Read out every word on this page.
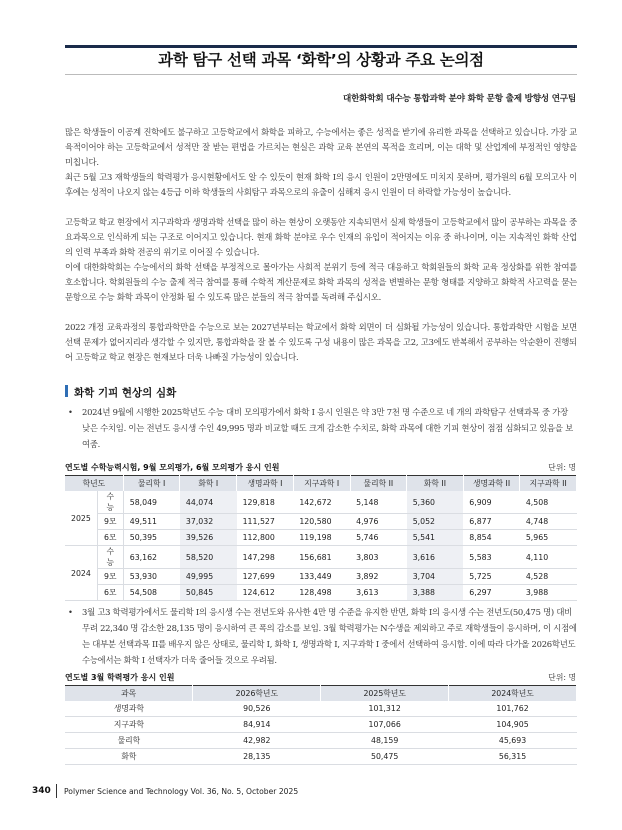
과학 탐구 선택 과목 ‘화학’의 상황과 주요 논의점
대한화학회 대수능 통합과학 분야 화학 문항 출제 방향성 연구팀
많은 학생들이 이공계 진학에도 불구하고 고등학교에서 화학을 피하고, 수능에서는 좋은 성적을 받기에 유리한 과목을 선택하고 있습니다. 가장 교육적이어야 하는 고등학교에서 성적만 잘 받는 편법을 가르치는 현실은 과학 교육 본연의 목적을 흐리며, 이는 대학 및 산업계에 부정적인 영향을 미칩니다.
최근 5월 고3 재학생들의 학력평가 응시현황에서도 알 수 있듯이 현재 화학 I의 응시 인원이 2만명에도 미치지 못하며, 평가원의 6월 모의고사 이후에는 성적이 나오지 않는 4등급 이하 학생들의 사회탐구 과목으로의 유출이 심해져 응시 인원이 더 하락할 가능성이 높습니다.
고등학교 학교 현장에서 지구과학과 생명과학 선택을 많이 하는 현상이 오랫동안 지속되면서 실제 학생들이 고등학교에서 많이 공부하는 과목을 중요과목으로 인식하게 되는 구조로 이어지고 있습니다. 현재 화학 분야로 우수 인재의 유입이 적어지는 이유 중 하나이며, 이는 지속적인 화학 산업의 인력 부족과 화학 전공의 위기로 이어질 수 있습니다.
이에 대한화학회는 수능에서의 화학 선택을 부정적으로 몰아가는 사회적 분위기 등에 적극 대응하고 학회원들의 화학 교육 정상화를 위한 참여를 호소합니다. 학회원들의 수능 출제 적극 참여를 통해 수학적 계산문제로 화학 과목의 성적을 변별하는 문항 형태를 지양하고 화학적 사고력을 묻는 문항으로 수능 화학 과목이 안정화 될 수 있도록 많은 분들의 적극 참여를 독려해 주십시오.
2022 개정 교육과정의 통합과학만을 수능으로 보는 2027년부터는 학교에서 화학 외면이 더 심화될 가능성이 있습니다. 통합과학만 시험을 보면 선택 문제가 없어지리라 생각할 수 있지만, 통합과학을 잘 볼 수 있도록 구성 내용이 많은 과목을 고2, 고3에도 반복해서 공부하는 악순환이 진행되어 고등학교 학교 현장은 현재보다 더욱 나빠질 가능성이 있습니다.
화학 기피 현상의 심화
• 2024년 9월에 시행한 2025학년도 수능 대비 모의평가에서 화학 I 응시 인원은 약 3만 7천 명 수준으로 네 개의 과학탐구 선택과목 중 가장 낮은 수치임. 이는 전년도 응시생 수인 49,995 명과 비교할 때도 크게 감소한 수치로, 화학 과목에 대한 기피 현상이 점점 심화되고 있음을 보여줌.
연도별 수학능력시험, 9월 모의평가, 6월 모의평가 응시 인원	단위: 명
학년도		물리학 I	화학 I	생명과학 I	지구과학 I	물리학 II	화학 II	생명과학 II	지구과학 II
2025	수능	58,049	44,074	129,818	142,672	5,148	5,360	6,909	4,508
	9모	49,511	37,032	111,527	120,580	4,976	5,052	6,877	4,748
	6모	50,395	39,526	112,800	119,198	5,746	5,541	8,854	5,965
2024	수능	63,162	58,520	147,298	156,681	3,803	3,616	5,583	4,110
	9모	53,930	49,995	127,699	133,449	3,892	3,704	5,725	4,528
	6모	54,508	50,845	124,612	128,498	3,613	3,388	6,297	3,988
• 3월 고3 학력평가에서도 물리학 I의 응시생 수는 전년도와 유사한 4만 명 수준을 유지한 반면, 화학 I의 응시생 수는 전년도(50,475 명) 대비 무려 22,340 명 감소한 28,135 명이 응시하여 큰 폭의 감소를 보임. 3월 학력평가는 N수생을 제외하고 주로 재학생들이 응시하며, 이 시점에는 대부분 선택과목 II를 배우지 않은 상태로, 물리학 I, 화학 I, 생명과학 I, 지구과학 I 중에서 선택하여 응시함. 이에 따라 다가올 2026학년도 수능에서는 화학 I 선택자가 더욱 줄어들 것으로 우려됨.
연도별 3월 학력평가 응시 인원	단위: 명
과목	2026학년도	2025학년도	2024학년도
생명과학	90,526	101,312	101,762
지구과학	84,914	107,066	104,905
물리학	42,982	48,159	45,693
화학	28,135	50,475	56,315
340 Polymer Science and Technology Vol. 36, No. 5, October 2025
